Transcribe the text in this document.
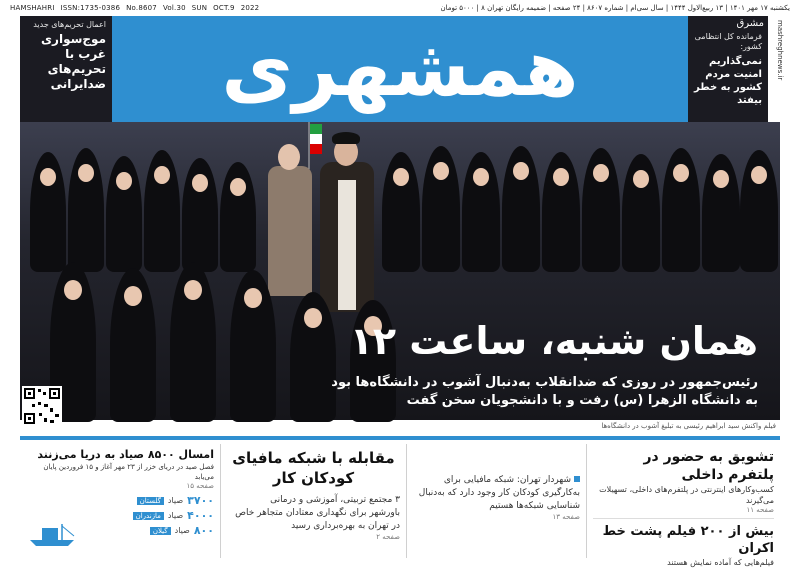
HAMSHAHRI ISSN:1735-0386 No.8607 Vol.30 SUN OCT.9 2022	یکشنبه ۱۷ مهر ۱۴۰۱ | ۱۳ ربیع‌الاول ۱۴۴۴ | سال سی‌ام | شماره ۸۶۰۷ | ۲۴ صفحه | ضمیمه‌ رایگان تهران ۸ | ۵۰۰۰ تومان
اعمال تحریم‌های جدید
موج‌سواری غرب با تحریم‌های ضدایرانی	همشهری
مشرق
فرمانده کل انتظامی کشور:
نمی‌گذاریم امنیت مردم کشور به خطر بیفتد
mashreghnews.ir
همان شنبه، ساعت ۱۲
رئیس‌جمهور در روزی که ضدانقلاب به‌دنبال آشوب در دانشگاه‌ها بود
به دانشگاه الزهرا (س) رفت و با دانشجویان سخن گفت
فیلم واکنش سید ابراهیم رئیسی به تبلیغ آشوب در دانشگاه‌ها
امسال ۸۵۰۰ صیاد به دریا می‌زنند
فصل صید در دریای خزر از ۲۳ مهر آغاز و ۱۵ فروردین پایان می‌یابد
صفحه ۱۵
۳۷۰۰
صیاد
گلستان
۴۰۰۰
صیاد
مازندران
۸۰۰
صیاد
گیلان
مقابله با شبکه مافیای کودکان کار
۳ مجتمع تربیتی، آموزشی و درمانی
باورشهر برای نگهداری معتادان متجاهر خاص
در تهران به بهره‌برداری رسید
صفحه ۲
شهردار تهران: شبکه مافیایی برای
به‌کارگیری کودکان کار وجود دارد که به‌دنبال
شناسایی شبکه‌ها هستیم
صفحه ۱۳
تشویق به حضور در پلتفرم داخلی
کسب‌وکارهای اینترنتی در پلتفرم‌های داخلی، تسهیلات می‌گیرند
صفحه ۱۱
بیش از ۲۰۰ فیلم پشت خط اکران
فیلم‌هایی که آماده نمایش هستند
